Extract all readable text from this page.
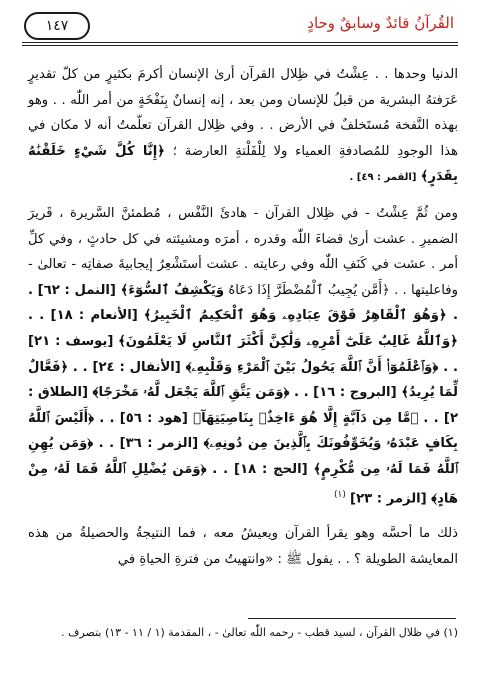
القُرآنُ قائدٌ وسابقٌ وحادٍ
١٤٧

الدنيا وحدها . . عِشْتُ في ظِلال القرآن أرىٰ الإنسان أكرمَ بكثيرٍ من كلّ تقديرٍ عَرَفتهُ البشرية من قبلُ للإنسان ومن بعد ، إنه إنسانٌ بِنَفْخَةٍ من أمر اللّٰه . . وهو بهذه النَّفخة مُستَخلفٌ في الأرض . . وفي ظِلال القرآن تعلّمتُ أنه لا مكان في هذا الوجودِ للمُصادفةِ العمياء ولا لِلْفَلْتةِ العارضة ؛ ﴿إِنَّا كُلَّ شَيْءٍ خَلَقْنَٰهُ بِقَدَرٍ﴾ [القمر : ٤٩] .

ومن ثُمَّ عِشْتُ - في ظِلال القرآن - هادئَ النَّفْس ، مُطمئنَّ السَّريرة ، قَريرَ الضميرِ . عشت أرىٰ قضاءَ اللّٰه وقدره ، أمرَه ومشيئته في كل حادثٍ ، وفي كلِّ أمر . عشت في كَنَفِ اللّٰه وفي رعايته . عشت أستَشْعِرُ إيجابيةَ صفاتِه - تعالىٰ - وفاعليتها . . ﴿أَمَّن يُجِيبُ ٱلْمُضْطَرَّ إِذَا دَعَاهُ وَيَكْشِفُ ٱلسُّوٓءَ﴾ [النمل : ٦٢] . . ﴿وَهُوَ ٱلْقَاهِرُ فَوْقَ عِبَادِهِۦ وَهُوَ ٱلْحَكِيمُ ٱلْخَبِيرُ﴾ [الأنعام : ١٨] . . ﴿وَٱللَّهُ غَالِبٌ عَلَىٰٓ أَمْرِهِۦ وَلَٰكِنَّ أَكْثَرَ ٱلنَّاسِ لَا يَعْلَمُونَ﴾ [يوسف : ٢١] . . ﴿وَٱعْلَمُوٓا۟ أَنَّ ٱللَّهَ يَحُولُ بَيْنَ ٱلْمَرْءِ وَقَلْبِهِۦ﴾ [الأنفال : ٢٤] . . ﴿فَعَّالٌ لِّمَا يُرِيدُ﴾ [البروج : ١٦] . . ﴿وَمَن يَتَّقِ ٱللَّهَ يَجْعَل لَّهُۥ مَخْرَجًا﴾ [الطلاق : ٢] . . ﴿مَّا مِن دَآبَّةٍ إِلَّا هُوَ ءَاخِذٌۢ بِنَاصِيَتِهَآ﴾ [هود : ٥٦] . . ﴿أَلَيْسَ ٱللَّهُ بِكَافٍ عَبْدَهُۥ وَيُخَوِّفُونَكَ بِٱلَّذِينَ مِن دُونِهِۦ﴾ [الزمر : ٣٦] . . ﴿وَمَن يُهِنِ ٱللَّهُ فَمَا لَهُۥ مِن مُّكْرِمٍ﴾ [الحج : ١٨] . . ﴿وَمَن يُضْلِلِ ٱللَّهُ فَمَا لَهُۥ مِنْ هَادٍ﴾ [الزمر : ٢٣] $^{(١)}$

ذلك ما أحسَّه وهو يقرأ القرآن ويعيشُ معه ، فما النتيجةُ والحصيلةُ من هذه المعايشة الطويلة ؟ . . يقول ﷺ : «وانتهيتُ من فترةِ الحياةِ في

(١) في ظلال القرآن ، لسيد قطب - رحمه اللّٰه تعالىٰ - ، المقدمة (١ / ١١ - ١٣) بتصرف .
